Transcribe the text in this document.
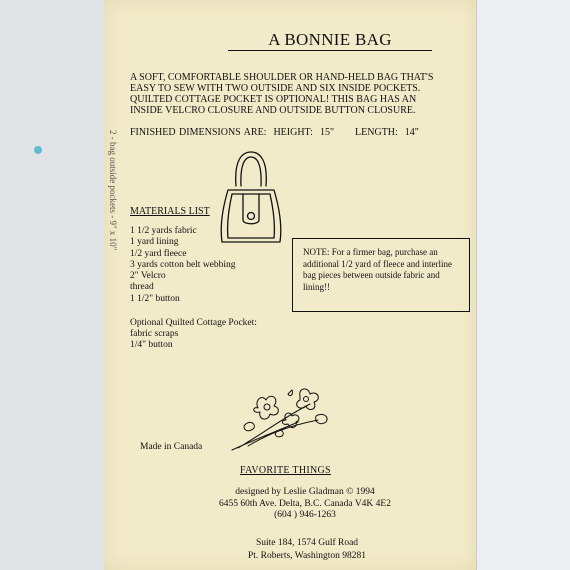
A BONNIE BAG
A SOFT, COMFORTABLE SHOULDER OR HAND-HELD BAG THAT'S
EASY TO SEW WITH TWO OUTSIDE AND SIX INSIDE POCKETS.
QUILTED COTTAGE POCKET IS OPTIONAL! THIS BAG HAS AN
INSIDE VELCRO CLOSURE AND OUTSIDE BUTTON CLOSURE.
FINISHED DIMENSIONS ARE:  HEIGHT:  15"      LENGTH:  14"
MATERIALS LIST
1 1/2 yards fabric
1 yard lining
1/2 yard fleece
3 yards cotton belt webbing
2" Velcro
thread
1 1/2" button
NOTE: For a firmer bag, purchase an additional 1/2 yard of fleece and interline bag pieces between outside fabric and lining!!
Optional Quilted Cottage Pocket:
fabric scraps
1/4" button
Made in Canada
FAVORITE THINGS
designed by Leslie Gladman © 1994
6455 60th Ave. Delta, B.C. Canada V4K 4E2
(604 ) 946-1263
Suite 184, 1574 Gulf Road
Pt. Roberts, Washington 98281
2 - bag outside pockets - 9" x 10"
